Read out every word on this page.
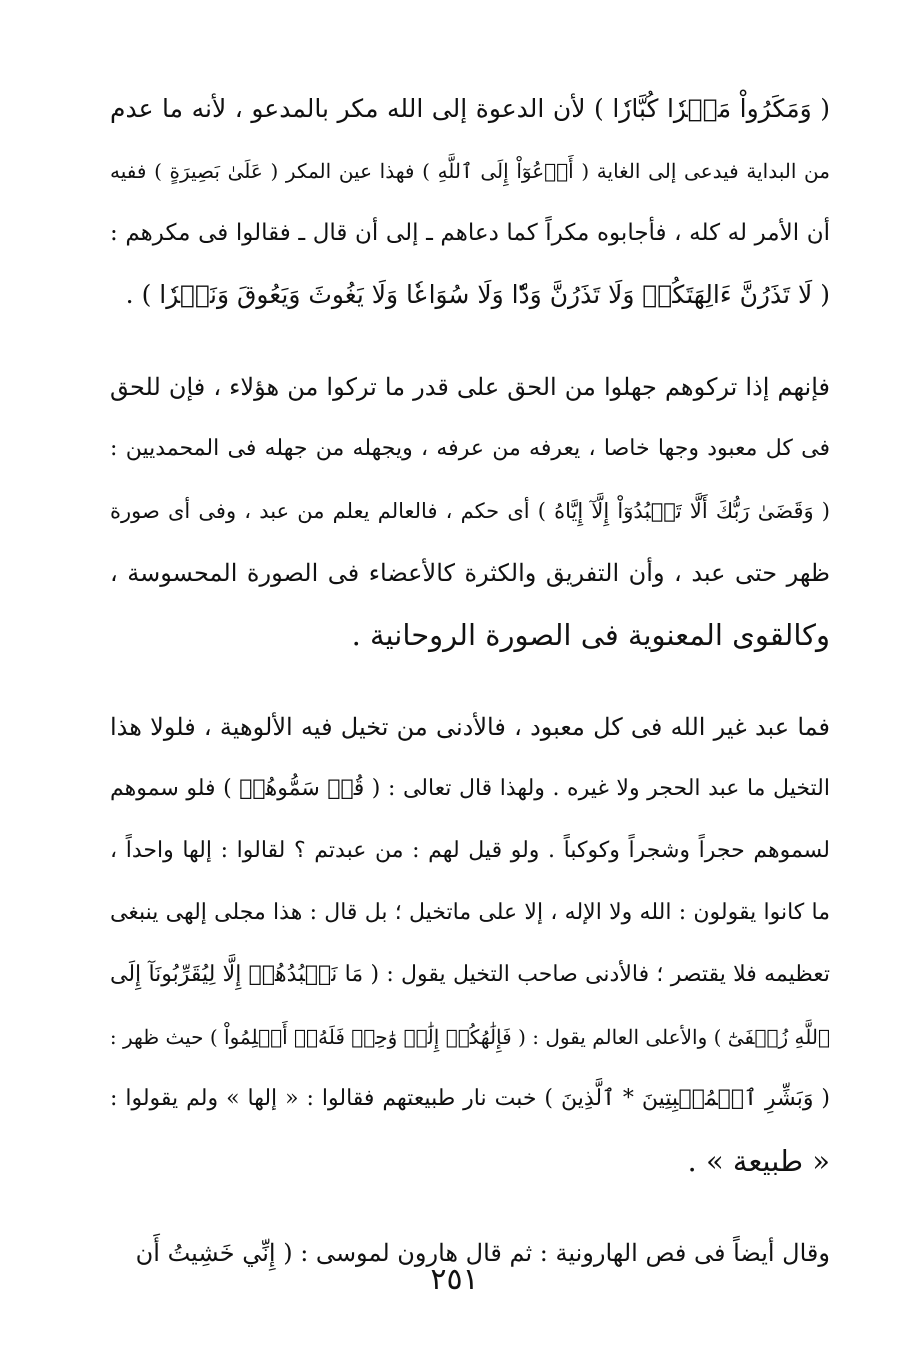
( وَمَكَرُواْ مَكۡرٗا كُبَّارٗا ) لأن الدعوة إلى الله مكر بالمدعو ، لأنه ما عدم
من البداية فيدعى إلى الغاية ( أَدۡعُوٓاْ إِلَى ٱللَّهِ ) فهذا عين المكر ( عَلَىٰ بَصِيرَةٍ ) ففيه
أن الأمر له كله ، فأجابوه مكراً كما دعاهم ـ إلى أن قال ـ فقالوا فى مكرهم :
( لَا تَذَرُنَّ ءَالِهَتَكُمۡ وَلَا تَذَرُنَّ وَدّٗا وَلَا سُوَاعٗا وَلَا يَغُوثَ وَيَعُوقَ وَنَسۡرٗا ) .
فإنهم إذا تركوهم جهلوا من الحق على قدر ما تركوا من هؤلاء ، فإن للحق
فى كل معبود وجها خاصا ، يعرفه من عرفه ، ويجهله من جهله فى المحمديين :
( وَقَضَىٰ رَبُّكَ أَلَّا تَعۡبُدُوٓاْ إِلَّآ إِيَّاهُ ) أى حكم ، فالعالم يعلم من عبد ، وفى أى صورة
ظهر حتى عبد ، وأن التفريق والكثرة كالأعضاء فى الصورة المحسوسة ،
وكالقوى المعنوية فى الصورة الروحانية .
فما عبد غير الله فى كل معبود ، فالأدنى من تخيل فيه الألوهية ، فلولا هذا
التخيل ما عبد الحجر ولا غيره . ولهذا قال تعالى : ( قُلۡ سَمُّوهُمۡ ) فلو سموهم
لسموهم حجراً وشجراً وكوكباً . ولو قيل لهم : من عبدتم ؟ لقالوا : إلها واحداً ،
ما كانوا يقولون : الله ولا الإله ، إلا على ماتخيل ؛ بل قال : هذا مجلى إلهى ينبغى
تعظيمه فلا يقتصر ؛ فالأدنى صاحب التخيل يقول : ( مَا نَعۡبُدُهُمۡ إِلَّا لِيُقَرِّبُونَآ إِلَى
ٱللَّهِ زُلۡفَىٰٓ ) والأعلى العالم يقول : ( فَإِلَٰهُكُمۡ إِلَٰهٞ وَٰحِدٞ فَلَهُۥٓ أَسۡلِمُواْ ) حيث ظهر :
( وَبَشِّرِ ٱلۡمُخۡبِتِينَ * ٱلَّذِينَ ) خبت نار طبيعتهم فقالوا : « إلها » ولم يقولوا :
« طبيعة » .
وقال أيضاً فى فص الهارونية : ثم قال هارون لموسى : ( إِنِّي خَشِيتُ أَن
٢٥١
